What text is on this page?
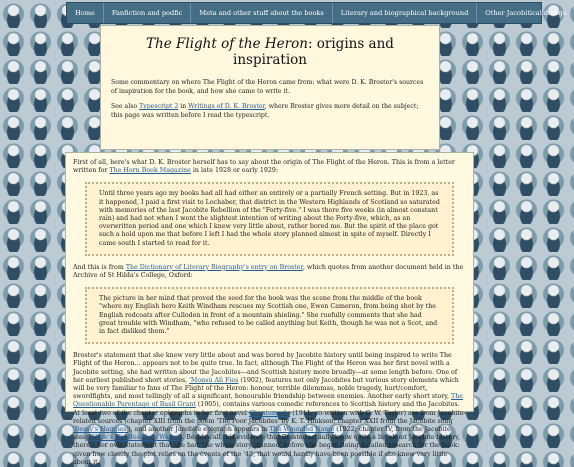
Home	Fanfiction and podfic	Meta and other stuff about the books	Literary and biographical background	Other Jacobitical doings
The Flight of the Heron: origins and inspiration

Some commentary on where The Flight of the Heron came from: what were D. K. Broster's sources of inspiration for the book, and how she came to write it.

See also Typescript 2 in Writings of D. K. Broster, where Broster gives more detail on the subject; this page was written before I read the typescript.

First of all, here's what D. K. Broster herself has to say about the origin of The Flight of the Heron. This is from a letter written for The Horn Book Magazine in late 1928 or early 1929:

Until three years ago my books had all had either an entirely or a partially French setting. But in 1923, as it happened, I paid a first visit to Lochaber, that district in the Western Highlands of Scotland so saturated with memories of the last Jacobite Rebellion of the "Forty-five." I was there five weeks (in almost constant rain) and had not when I went the slightest intention of writing about the Forty-five, which, as an overwritten period and one which I knew very little about, rather bored me. But the spirit of the place got such a hold upon me that before I left I had the whole story planned almost in spite of myself. Directly I came south I started to read for it.

And this is from The Dictionary of Literary Biography's entry on Broster, which quotes from another document held in the Archive of St Hilda's College, Oxford:

The picture in her mind that proved the seed for the book was the scene from the middle of the book "where my English hero Keith Windham rescues my Scottish one, Ewen Cameron, from being shot by the English redcoats after Culloden in front of a mountain shieling." She ruefully comments that she had great trouble with Windham, "who refused to be called anything but Keith, though he was not a Scot, and in fact disliked them."

Broster's statement that she knew very little about and was bored by Jacobite history until being inspired to write The Flight of the Heron... appears not to be quite true. In fact, although The Flight of the Heron was her first novel with a Jacobite setting, she had written about the Jacobites—and Scottish history more broadly—at some length before. One of her earliest published short stories, 'Monsù Alì Fies (1902), features not only Jacobites but various story elements which will be very familiar to fans of The Flight of the Heron: honour, terrible dilemmas, noble tragedy, hurt/comfort, swordfights, and most tellingly of all a significant, honourable friendship between enemies. Another early short story, The Questionable Parentage of Basil Grant (1905), contains various comedic references to Scottish history and the Jacobites. At least two of the chapter epigraphs in her first novel Chantemerle (1911; co-written with G. W. Taylor) are from Jacobite-related sources (chapter XIII from the poem 'The Poor Jacobites' by K. T. Hinkson; chapter XXII from the Jacobite song 'Bessy's Haggies'), and another Jacobite epigraph appears in The Wounded Name (1922; chapter IV, from the Jacobite song 'Here's His Health in Water'). Besides all this evidence that Broster actually knew quite a bit about Jacobite history, there's her own statement that she had 'the whole story planned' before she began doing detailed research for the book: given how closely the plot relies on the events of the '45, that would hardly have been possible if she knew very little about it.
